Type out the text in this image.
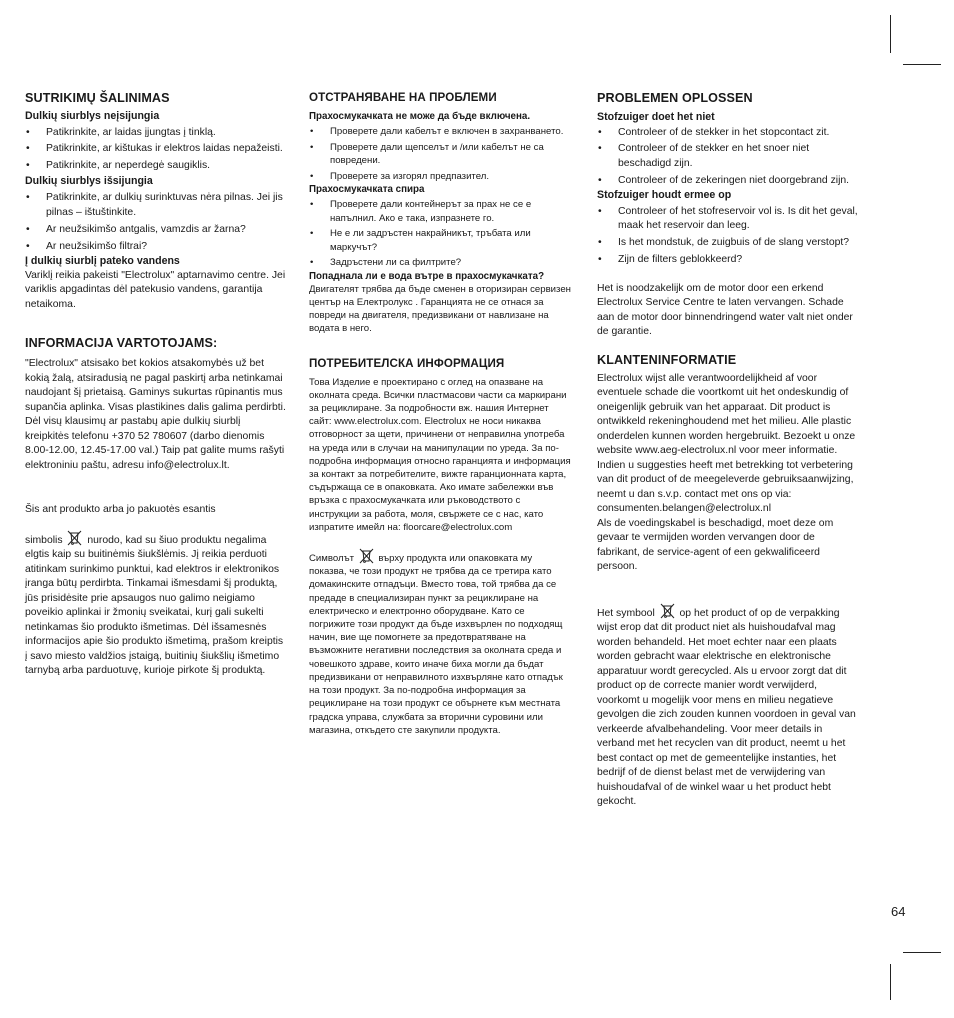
SUTRIKIMŲ ŠALINIMAS
Dulkių siurblys neįsijungia
• Patikrinkite, ar laidas įjungtas į tinklą.
• Patikrinkite, ar kištukas ir elektros laidas nepažeisti.
• Patikrinkite, ar neperdegė saugiklis.
Dulkių siurblys išsijungia
• Patikrinkite, ar dulkių surinktuvas nėra pilnas. Jei jis pilnas – ištuštinkite.
• Ar neužsikimšo antgalis, vamzdis ar žarna?
• Ar neužsikimšo filtrai?
Į dulkių siurblį pateko vandens

Variklį reikia pakeisti "Electrolux" aptarnavimo centre. Jei variklis apgadintas dėl patekusio vandens, garantija netaikoma.

INFORMACIJA VARTOTOJAMS:

"Electrolux" atsisako bet kokios atsakomybės už bet kokią žalą, atsiradusią ne pagal paskirtį arba netinkamai naudojant šį prietaisą. Gaminys sukurtas rūpinantis mus supančia aplinka. Visas plastikines dalis galima perdirbti. Dėl visų klausimų ar pastabų apie dulkių siurblį kreipkitės telefonu +370 52 780607 (darbo dienomis 8.00-12.00, 12.45-17.00 val.) Taip pat galite mums rašyti elektroniniu paštu, adresu info@electrolux.lt.

Šis ant produkto arba jo pakuotės esantis

simbolis nurodo, kad su šiuo produktu negalima elgtis kaip su buitinėmis šiukšlėmis. Jį reikia perduoti atitinkam surinkimo punktui, kad elektros ir elektronikos įranga būtų perdirbta. Tinkamai išmesdami šį produktą, jūs prisidėsite prie apsaugos nuo galimo neigiamo poveikio aplinkai ir žmonių sveikatai, kurį gali sukelti netinkamas šio produkto išmetimas. Dėl išsamesnės informacijos apie šio produkto išmetimą, prašom kreiptis į savo miesto valdžios įstaigą, buitinių šiukšlių išmetimo tarnybą arba parduotuvę, kurioje pirkote šį produktą.

ОТСТРАНЯВАНЕ НА ПРОБЛЕМИ
Прахосмукачката не може да бъде включена.
• Проверете дали кабелът е включен в захранването.
• Проверете дали щепселът и /или кабелът не са повредени.
• Проверете за изгорял предпазител.
Прахосмукачката спира
• Проверете дали контейнерът за прах не се е напълнил. Ако е така, изпразнете го.
• Не е ли задръстен накрайникът, тръбата или маркучът?
• Задръстени ли са филтрите?
Попаднала ли е вода вътре в прахосмукачката?

Двигателят трябва да бъде сменен в оторизиран сервизен център на Електролукс . Гаранцията не се отнася за повреди на двигателя, предизвикани от навлизане на водата в него.

ПОТРЕБИТЕЛСКА ИНФОРМАЦИЯ

Това Изделие е проектирано с оглед на опазване на околната среда. Всички пластмасови части са маркирани за рециклиране. За подробности вж. нашия Интернет сайт: www.electrolux.com. Electrolux не носи никаква отговорност за щети, причинени от неправилна употреба на уреда или в случаи на манипулации по уреда. За по-подробна информация относно гаранцията и информация за контакт за потребителите, вижте гаранционната карта, съдържаща се в опаковката. Ако имате забележки във връзка с прахосмукачката или ръководството с инструкции за работа, моля, свържете се с нас, като изпратите имейл на: floorcare@electrolux.com

Символът	върху продукта или опаковката му показва, че този продукт не трябва да се третира като домакинските отпадъци. Вместо това, той трябва да се предаде в специализиран пункт за рециклиране на електрическо и електронно оборудване. Като се погрижите този продукт да бъде изхвърлен по подходящ начин, вие ще помогнете за предотвратяване на възможните негативни последствия за околната среда и човешкото здраве, които иначе биха могли да бъдат предизвикани от неправилното изхвърляне като отпадък на този продукт. За по-подробна информация за рециклиране на този продукт се обърнете към местната градска управа, службата за вторични суровини или магазина, откъдето сте закупили продукта.

PROBLEMEN OPLOSSEN
Stofzuiger doet het niet
• Controleer of de stekker in het stopcontact zit.
• Controleer of de stekker en het snoer niet beschadigd zijn.
• Controleer of de zekeringen niet doorgebrand zijn.
Stofzuiger houdt ermee op
• Controleer of het stofreservoir vol is. Is dit het geval, maak het reservoir dan leeg.
• Is het mondstuk, de zuigbuis of de slang verstopt?
• Zijn de filters geblokkeerd?

Het is noodzakelijk om de motor door een erkend Electrolux Service Centre te laten vervangen. Schade aan de motor door binnendringend water valt niet onder de garantie.

KLANTENINFORMATIE

Electrolux wijst alle verantwoordelijkheid af voor eventuele schade die voortkomt uit het ondeskundig of oneigenlijk gebruik van het apparaat. Dit product is ontwikkeld rekeninghoudend met het milieu. Alle plastic onderdelen kunnen worden hergebruikt. Bezoekt u onze website www.aeg-electrolux.nl voor meer informatie. Indien u suggesties heeft met betrekking tot verbetering van dit product of de meegeleverde gebruiksaanwijzing, neemt u dan s.v.p. contact met ons op via: consumenten.belangen@electrolux.nl

Als de voedingskabel is beschadigd, moet deze om gevaar te vermijden worden vervangen door de fabrikant, de service-agent of een gekwalificeerd persoon.

Het symbool op het product of op de verpakking wijst erop dat dit product niet als huishoudafval mag worden behandeld. Het moet echter naar een plaats worden gebracht waar elektrische en elektronische apparatuur wordt gerecycled. Als u ervoor zorgt dat dit product op de correcte manier wordt verwijderd, voorkomt u mogelijk voor mens en milieu negatieve gevolgen die zich zouden kunnen voordoen in geval van verkeerde afvalbehandeling. Voor meer details in verband met het recyclen van dit product, neemt u het best contact op met de gemeentelijke instanties, het bedrijf of de dienst belast met de verwijdering van huishoudafval of de winkel waar u het product hebt gekocht.

64
